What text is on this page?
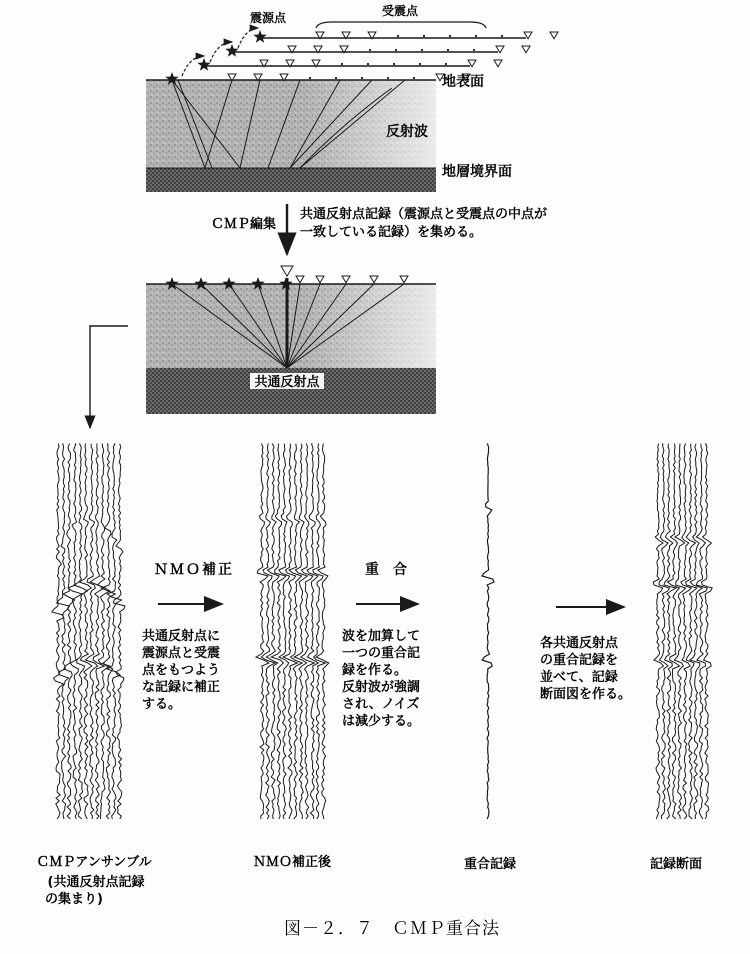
震源点	受震点
地表面
反射波
地層境界面
ＣＭＰ編集
共通反射点記録（震源点と受震点の中点が
一致している記録）を集める。
共通反射点
ＮＭＯ補正
共通反射点に
震源点と受震
点をもつよう
な記録に補正
する。
重　合
波を加算して
一つの重合記
録を作る。
反射波が強調
され、ノイズ
は減少する。
各共通反射点
の重合記録を
並べて、記録
断面図を作る。
ＣＭＰアンサンブル
(共通反射点記録
の集まり)
ＮＭＯ補正後	重合記録	記録断面
図－２．７　ＣＭＰ重合法
